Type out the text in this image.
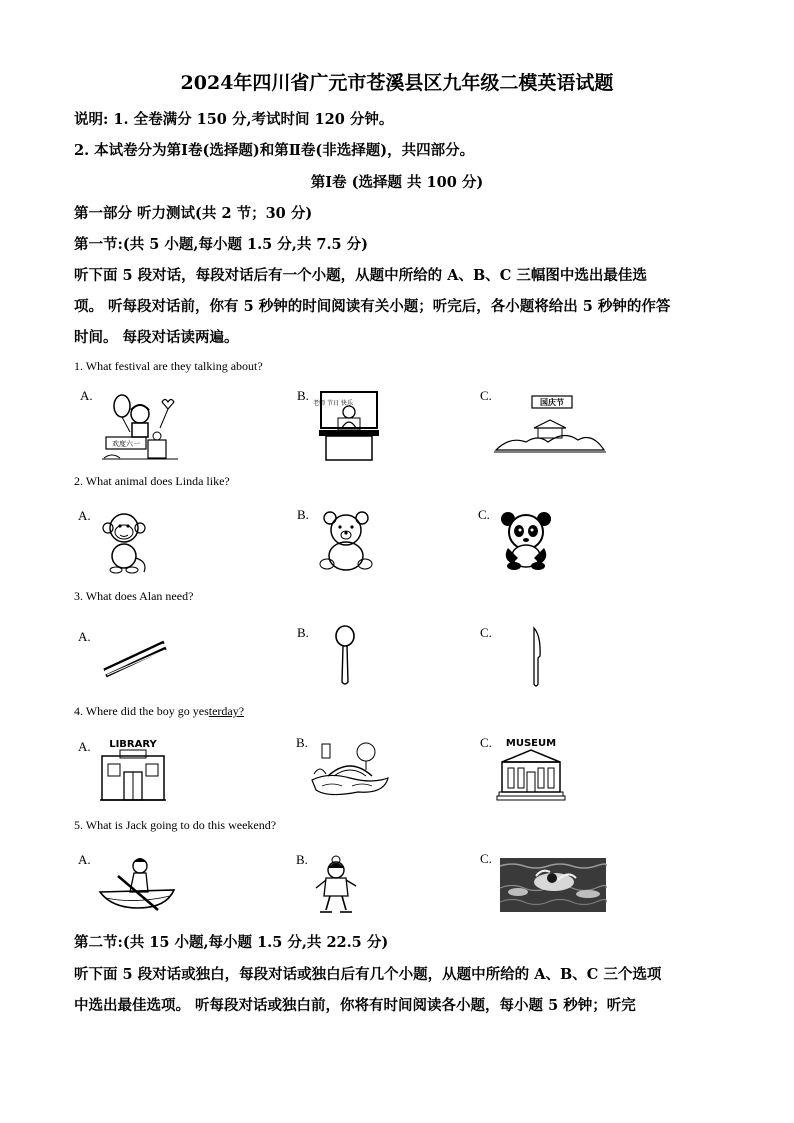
2024年四川省广元市苍溪县区九年级二模英语试题
说明: 1. 全卷满分 150 分,考试时间 120 分钟。
2. 本试卷分为第Ⅰ卷(选择题)和第Ⅱ卷(非选择题)，共四部分。
第Ⅰ卷 (选择题 共 100 分)
第一部分 听力测试(共 2 节；30 分)
第一节:(共 5 小题,每小题 1.5 分,共 7.5 分)
听下面 5 段对话，每段对话后有一个小题，从题中所给的 A、B、C 三幅图中选出最佳选
项。 听每段对话前，你有 5 秒钟的时间阅读有关小题；听完后，各小题将给出 5 秒钟的作答
时间。 每段对话读两遍。
1. What festival are they talking about?
A.	B.	C.
欢度六一
老师 节日 快乐	国庆节
2. What animal does Linda like?
A.	B.	C.
3. What does Alan need?
A.	B.	C.
4. Where did the boy go yesterday?
A.	B.	C.
LIBRARY	MUSEUM
5. What is Jack going to do this weekend?
A.	B.	C.
第二节:(共 15 小题,每小题 1.5 分,共 22.5 分)
听下面 5 段对话或独白，每段对话或独白后有几个小题，从题中所给的 A、B、C 三个选项
中选出最佳选项。 听每段对话或独白前，你将有时间阅读各小题，每小题 5 秒钟；听完
